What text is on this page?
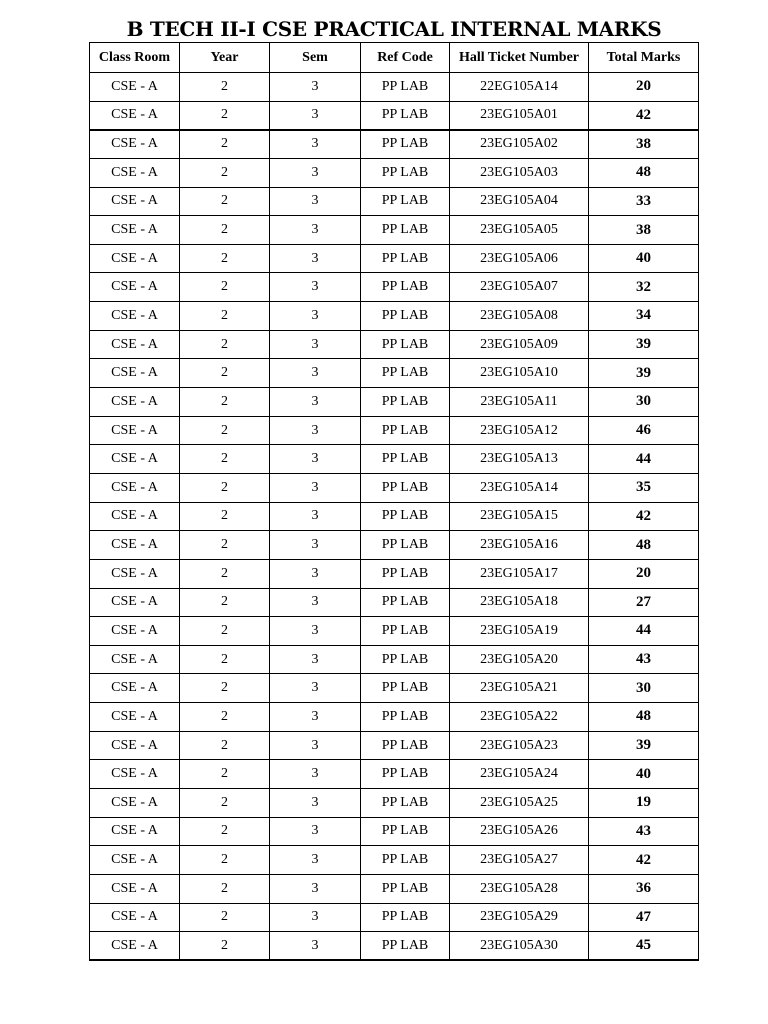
B TECH II-I CSE PRACTICAL INTERNAL MARKS
Class Room	Year	Sem	Ref Code	Hall Ticket Number	Total Marks
CSE - A	2	3	PP LAB	22EG105A14	20
CSE - A	2	3	PP LAB	23EG105A01	42
CSE - A	2	3	PP LAB	23EG105A02	38
CSE - A	2	3	PP LAB	23EG105A03	48
CSE - A	2	3	PP LAB	23EG105A04	33
CSE - A	2	3	PP LAB	23EG105A05	38
CSE - A	2	3	PP LAB	23EG105A06	40
CSE - A	2	3	PP LAB	23EG105A07	32
CSE - A	2	3	PP LAB	23EG105A08	34
CSE - A	2	3	PP LAB	23EG105A09	39
CSE - A	2	3	PP LAB	23EG105A10	39
CSE - A	2	3	PP LAB	23EG105A11	30
CSE - A	2	3	PP LAB	23EG105A12	46
CSE - A	2	3	PP LAB	23EG105A13	44
CSE - A	2	3	PP LAB	23EG105A14	35
CSE - A	2	3	PP LAB	23EG105A15	42
CSE - A	2	3	PP LAB	23EG105A16	48
CSE - A	2	3	PP LAB	23EG105A17	20
CSE - A	2	3	PP LAB	23EG105A18	27
CSE - A	2	3	PP LAB	23EG105A19	44
CSE - A	2	3	PP LAB	23EG105A20	43
CSE - A	2	3	PP LAB	23EG105A21	30
CSE - A	2	3	PP LAB	23EG105A22	48
CSE - A	2	3	PP LAB	23EG105A23	39
CSE - A	2	3	PP LAB	23EG105A24	40
CSE - A	2	3	PP LAB	23EG105A25	19
CSE - A	2	3	PP LAB	23EG105A26	43
CSE - A	2	3	PP LAB	23EG105A27	42
CSE - A	2	3	PP LAB	23EG105A28	36
CSE - A	2	3	PP LAB	23EG105A29	47
CSE - A	2	3	PP LAB	23EG105A30	45
